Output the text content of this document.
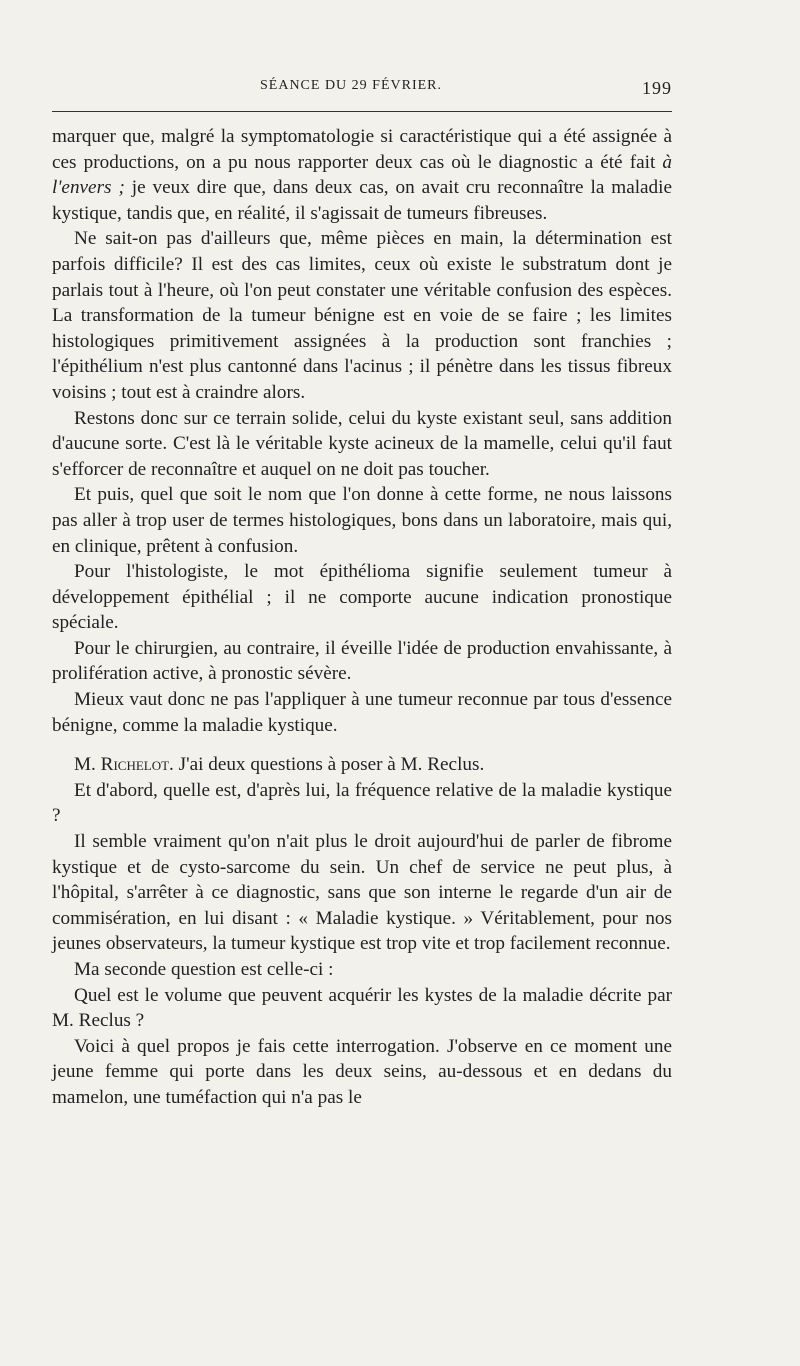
SÉANCE DU 29 FÉVRIER.	199

marquer que, malgré la symptomatologie si caractéristique qui a été assignée à ces productions, on a pu nous rapporter deux cas où le diagnostic a été fait à l'envers ; je veux dire que, dans deux cas, on avait cru reconnaître la maladie kystique, tandis que, en réalité, il s'agissait de tumeurs fibreuses.

Ne sait-on pas d'ailleurs que, même pièces en main, la détermination est parfois difficile? Il est des cas limites, ceux où existe le substratum dont je parlais tout à l'heure, où l'on peut constater une véritable confusion des espèces. La transformation de la tumeur bénigne est en voie de se faire ; les limites histologiques primitivement assignées à la production sont franchies ; l'épithélium n'est plus cantonné dans l'acinus ; il pénètre dans les tissus fibreux voisins ; tout est à craindre alors.

Restons donc sur ce terrain solide, celui du kyste existant seul, sans addition d'aucune sorte. C'est là le véritable kyste acineux de la mamelle, celui qu'il faut s'efforcer de reconnaître et auquel on ne doit pas toucher.

Et puis, quel que soit le nom que l'on donne à cette forme, ne nous laissons pas aller à trop user de termes histologiques, bons dans un laboratoire, mais qui, en clinique, prêtent à confusion.

Pour l'histologiste, le mot épithélioma signifie seulement tumeur à développement épithélial ; il ne comporte aucune indication pronostique spéciale.

Pour le chirurgien, au contraire, il éveille l'idée de production envahissante, à prolifération active, à pronostic sévère.

Mieux vaut donc ne pas l'appliquer à une tumeur reconnue par tous d'essence bénigne, comme la maladie kystique.

M. Richelot. J'ai deux questions à poser à M. Reclus.

Et d'abord, quelle est, d'après lui, la fréquence relative de la maladie kystique ?

Il semble vraiment qu'on n'ait plus le droit aujourd'hui de parler de fibrome kystique et de cysto-sarcome du sein. Un chef de service ne peut plus, à l'hôpital, s'arrêter à ce diagnostic, sans que son interne le regarde d'un air de commisération, en lui disant : « Maladie kystique. » Véritablement, pour nos jeunes observateurs, la tumeur kystique est trop vite et trop facilement reconnue.

Ma seconde question est celle-ci :

Quel est le volume que peuvent acquérir les kystes de la maladie décrite par M. Reclus ?

Voici à quel propos je fais cette interrogation. J'observe en ce moment une jeune femme qui porte dans les deux seins, au-dessous et en dedans du mamelon, une tuméfaction qui n'a pas le
